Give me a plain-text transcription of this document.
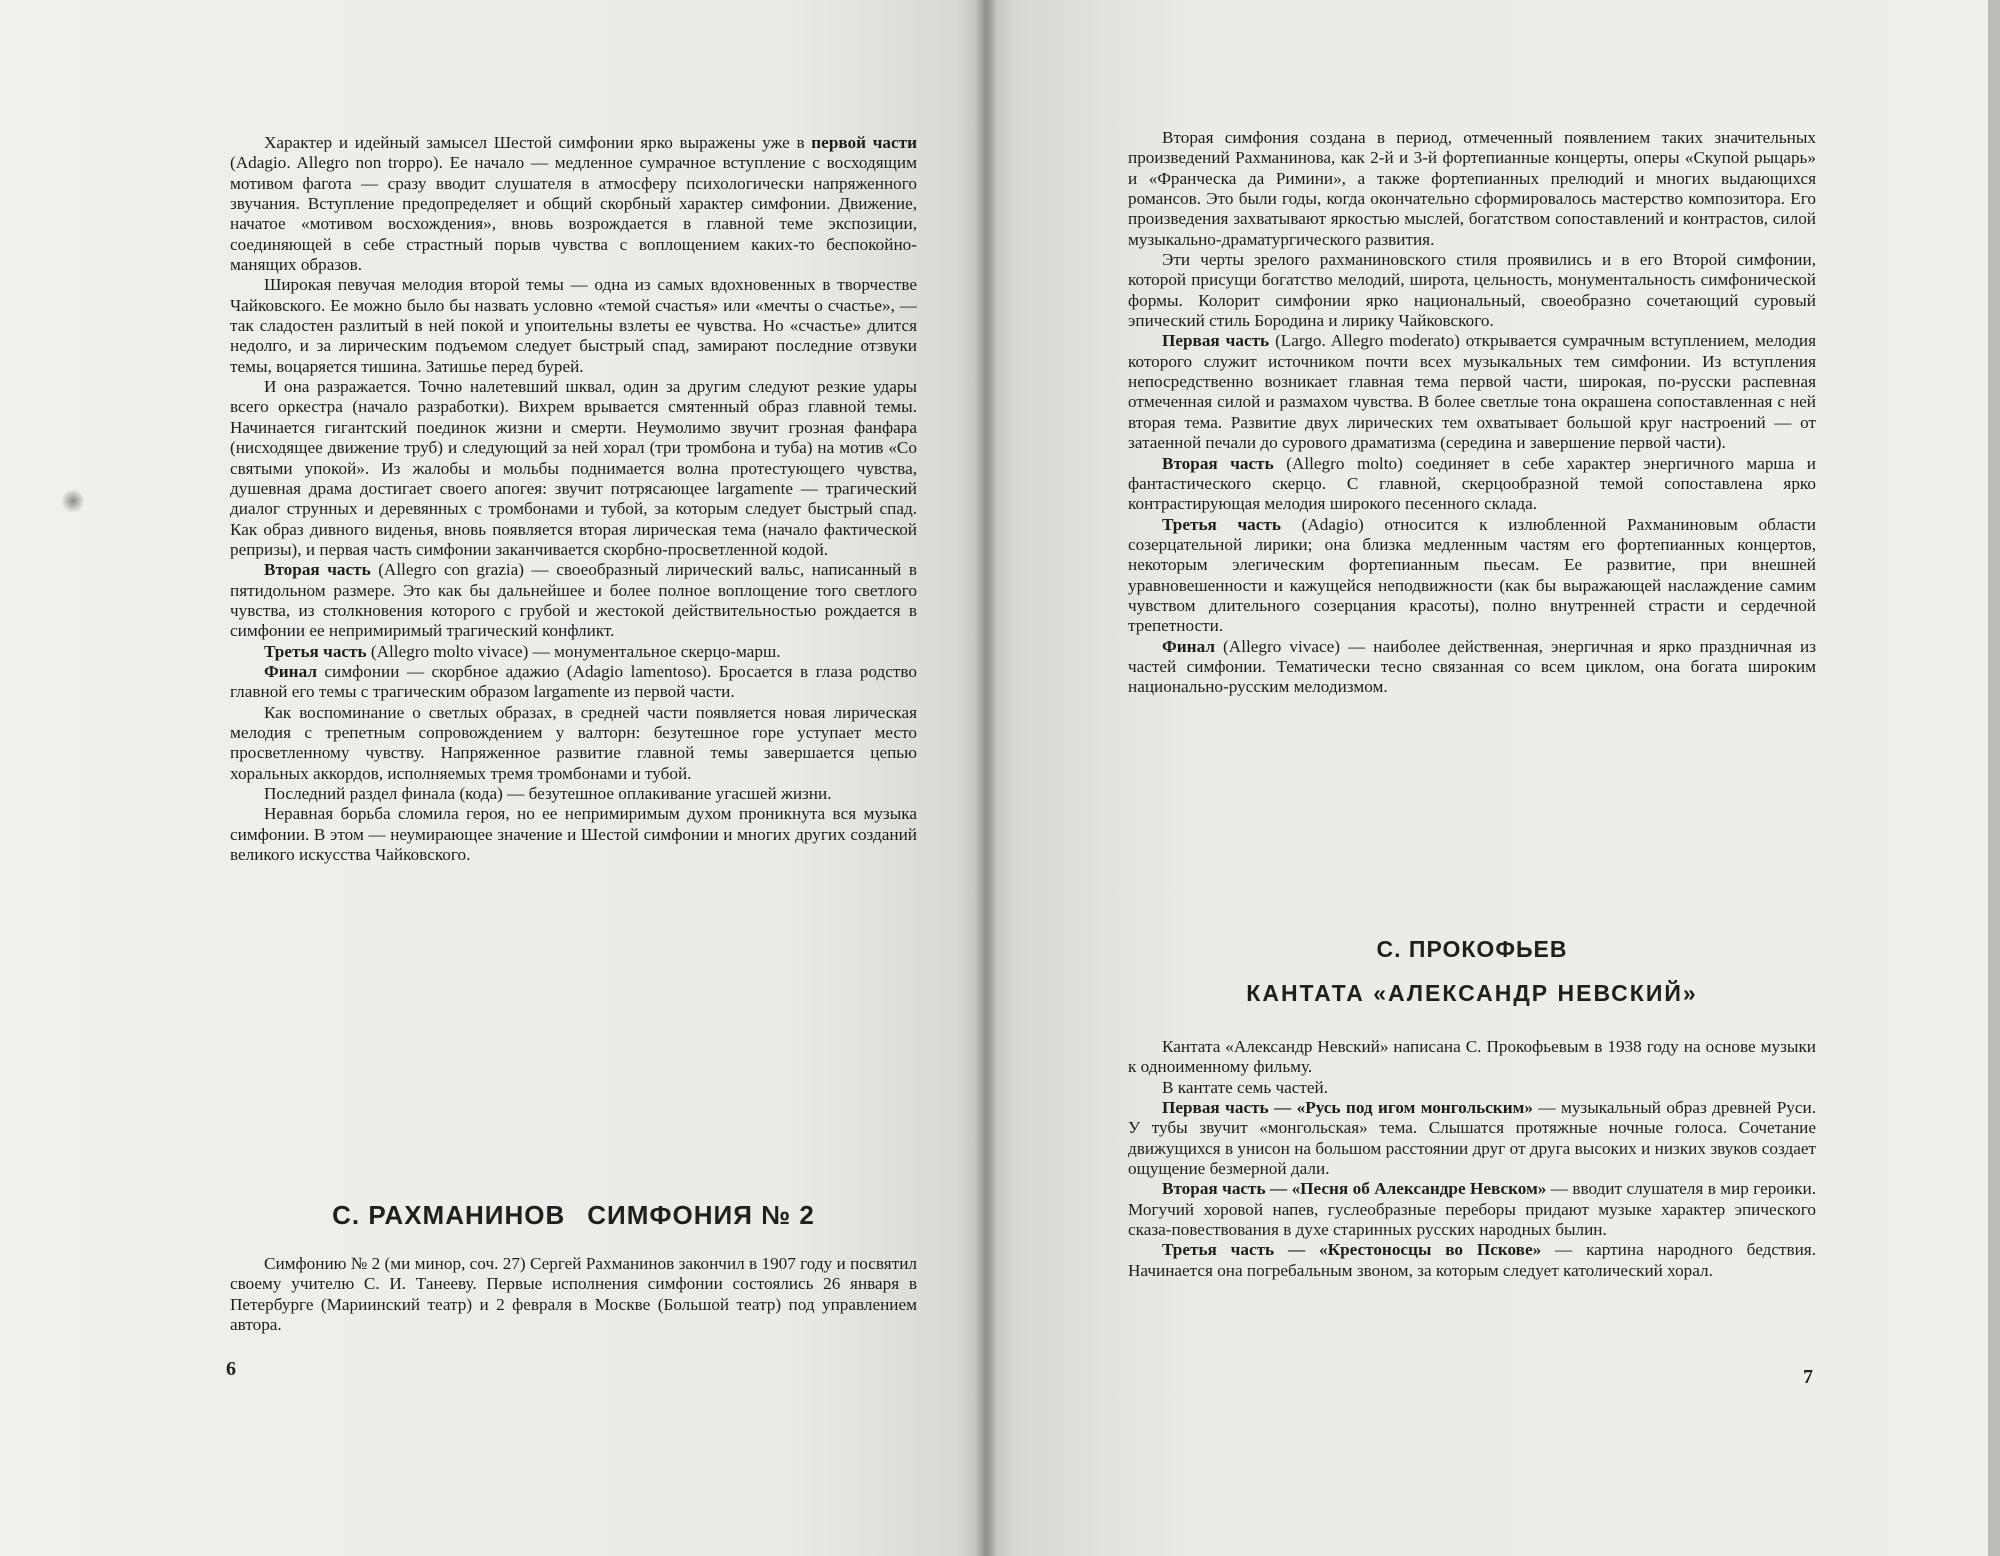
Характер и идейный замысел Шестой симфонии ярко выражены уже в первой части (Adagio. Allegro non troppo). Ее начало — медленное сумрачное вступление с восходящим мотивом фагота — сразу вводит слушателя в атмосферу психологически напряженного звучания. Вступление предопределяет и общий скорбный характер симфонии. Движение, начатое «мотивом восхождения», вновь возрождается в главной теме экспозиции, соединяющей в себе страстный порыв чувства с воплощением каких-то беспокойно-манящих образов.

Широкая певучая мелодия второй темы — одна из самых вдохновенных в творчестве Чайковского. Ее можно было бы назвать условно «темой счастья» или «мечты о счастье», — так сладостен разлитый в ней покой и упоительны взлеты ее чувства. Но «счастье» длится недолго, и за лирическим подъемом следует быстрый спад, замирают последние отзвуки темы, воцаряется тишина. Затишье перед бурей.

И она разражается. Точно налетевший шквал, один за другим следуют резкие удары всего оркестра (начало разработки). Вихрем врывается смятенный образ главной темы. Начинается гигантский поединок жизни и смерти. Неумолимо звучит грозная фанфара (нисходящее движение труб) и следующий за ней хорал (три тромбона и туба) на мотив «Со святыми упокой». Из жалобы и мольбы поднимается волна протестующего чувства, душевная драма достигает своего апогея: звучит потрясающее largamente — трагический диалог струнных и деревянных с тромбонами и тубой, за которым следует быстрый спад. Как образ дивного виденья, вновь появляется вторая лирическая тема (начало фактической репризы), и первая часть симфонии заканчивается скорбно-просветленной кодой.

Вторая часть (Allegro con grazia) — своеобразный лирический вальс, написанный в пятидольном размере. Это как бы дальнейшее и более полное воплощение того светлого чувства, из столкновения которого с грубой и жестокой действительностью рождается в симфонии ее непримиримый трагический конфликт.

Третья часть (Allegro molto vivace) — монументальное скерцо-марш.

Финал симфонии — скорбное адажио (Adagio lamentoso). Бросается в глаза родство главной его темы с трагическим образом largamente из первой части.

Как воспоминание о светлых образах, в средней части появляется новая лирическая мелодия с трепетным сопровождением у валторн: безутешное горе уступает место просветленному чувству. Напряженное развитие главной темы завершается цепью хоральных аккордов, исполняемых тремя тромбонами и тубой.

Последний раздел финала (кода) — безутешное оплакивание угасшей жизни.

Неравная борьба сломила героя, но ее непримиримым духом проникнута вся музыка симфонии. В этом — неумирающее значение и Шестой симфонии и многих других созданий великого искусства Чайковского.

С. РАХМАНИНОВ СИМФОНИЯ № 2

Симфонию № 2 (ми минор, соч. 27) Сергей Рахманинов закончил в 1907 году и посвятил своему учителю С. И. Танееву. Первые исполнения симфонии состоялись 26 января в Петербурге (Мариинский театр) и 2 февраля в Москве (Большой театр) под управлением автора.

6

Вторая симфония создана в период, отмеченный появлением таких значительных произведений Рахманинова, как 2-й и 3-й фортепианные концерты, оперы «Скупой рыцарь» и «Франческа да Римини», а также фортепианных прелюдий и многих выдающихся романсов. Это были годы, когда окончательно сформировалось мастерство композитора. Его произведения захватывают яркостью мыслей, богатством сопоставлений и контрастов, силой музыкально-драматургического развития.

Эти черты зрелого рахманиновского стиля проявились и в его Второй симфонии, которой присущи богатство мелодий, широта, цельность, монументальность симфонической формы. Колорит симфонии ярко национальный, своеобразно сочетающий суровый эпический стиль Бородина и лирику Чайковского.

Первая часть (Largo. Allegro moderato) открывается сумрачным вступлением, мелодия которого служит источником почти всех музыкальных тем симфонии. Из вступления непосредственно возникает главная тема первой части, широкая, по-русски распевная отмеченная силой и размахом чувства. В более светлые тона окрашена сопоставленная с ней вторая тема. Развитие двух лирических тем охватывает большой круг настроений — от затаенной печали до сурового драматизма (середина и завершение первой части).

Вторая часть (Allegro molto) соединяет в себе характер энергичного марша и фантастического скерцо. С главной, скерцообразной темой сопоставлена ярко контрастирующая мелодия широкого песенного склада.

Третья часть (Adagio) относится к излюбленной Рахманиновым области созерцательной лирики; она близка медленным частям его фортепианных концертов, некоторым элегическим фортепианным пьесам. Ее развитие, при внешней уравновешенности и кажущейся неподвижности (как бы выражающей наслаждение самим чувством длительного созерцания красоты), полно внутренней страсти и сердечной трепетности.

Финал (Allegro vivace) — наиболее действенная, энергичная и ярко праздничная из частей симфонии. Тематически тесно связанная со всем циклом, она богата широким национально-русским мелодизмом.

С. ПРОКОФЬЕВ
КАНТАТА «АЛЕКСАНДР НЕВСКИЙ»

Кантата «Александр Невский» написана С. Прокофьевым в 1938 году на основе музыки к одноименному фильму.

В кантате семь частей.

Первая часть — «Русь под игом монгольским» — музыкальный образ древней Руси. У тубы звучит «монгольская» тема. Слышатся протяжные ночные голоса. Сочетание движущихся в унисон на большом расстоянии друг от друга высоких и низких звуков создает ощущение безмерной дали.

Вторая часть — «Песня об Александре Невском» — вводит слушателя в мир героики. Могучий хоровой напев, гуслеобразные переборы придают музыке характер эпического сказа-повествования в духе старинных русских народных былин.

Третья часть — «Крестоносцы во Пскове» — картина народного бедствия. Начинается она погребальным звоном, за которым следует католический хорал.

7
